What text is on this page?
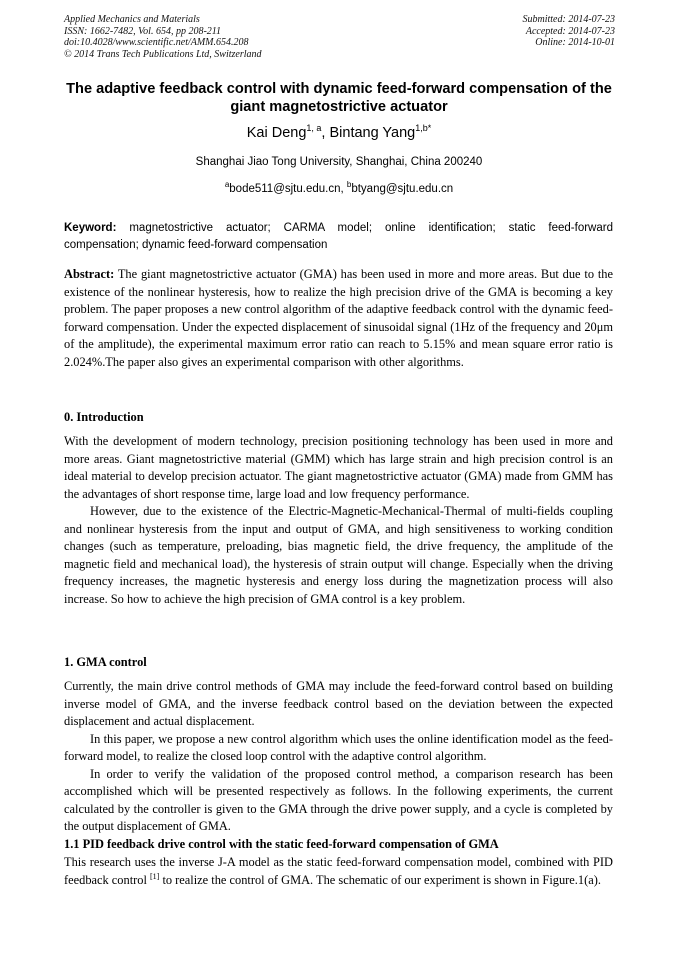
Applied Mechanics and Materials
ISSN: 1662-7482, Vol. 654, pp 208-211
doi:10.4028/www.scientific.net/AMM.654.208
© 2014 Trans Tech Publications Ltd, Switzerland
Submitted: 2014-07-23
Accepted: 2014-07-23
Online: 2014-10-01
The adaptive feedback control with dynamic feed-forward compensation of the giant magnetostrictive actuator
Kai Deng$^{1, a}$, Bintang Yang$^{1,b*}$
Shanghai Jiao Tong University, Shanghai, China 200240
$^a$bode511@sjtu.edu.cn, $^b$btyang@sjtu.edu.cn
Keyword: magnetostrictive actuator; CARMA model; online identification; static feed-forward compensation; dynamic feed-forward compensation

Abstract: The giant magnetostrictive actuator (GMA) has been used in more and more areas. But due to the existence of the nonlinear hysteresis, how to realize the high precision drive of the GMA is becoming a key problem. The paper proposes a new control algorithm of the adaptive feedback control with the dynamic feed-forward compensation. Under the expected displacement of sinusoidal signal (1Hz of the frequency and 20μm of the amplitude), the experimental maximum error ratio can reach to 5.15% and mean square error ratio is 2.024%.The paper also gives an experimental comparison with other algorithms.

0. Introduction

With the development of modern technology, precision positioning technology has been used in more and more areas. Giant magnetostrictive material (GMM) which has large strain and high precision control is an ideal material to develop precision actuator. The giant magnetostrictive actuator (GMA) made from GMM has the advantages of short response time, large load and low frequency performance.

However, due to the existence of the Electric-Magnetic-Mechanical-Thermal of multi-fields coupling and nonlinear hysteresis from the input and output of GMA, and high sensitiveness to working condition changes (such as temperature, preloading, bias magnetic field, the drive frequency, the amplitude of the magnetic field and mechanical load), the hysteresis of strain output will change. Especially when the driving frequency increases, the magnetic hysteresis and energy loss during the magnetization process will also increase. So how to achieve the high precision of GMA control is a key problem.

1. GMA control

Currently, the main drive control methods of GMA may include the feed-forward control based on building inverse model of GMA, and the inverse feedback control based on the deviation between the expected displacement and actual displacement.

In this paper, we propose a new control algorithm which uses the online identification model as the feed-forward model, to realize the closed loop control with the adaptive control algorithm.

In order to verify the validation of the proposed control method, a comparison research has been accomplished which will be presented respectively as follows. In the following experiments, the current calculated by the controller is given to the GMA through the drive power supply, and a cycle is completed by the output displacement of GMA.

1.1 PID feedback drive control with the static feed-forward compensation of GMA

This research uses the inverse J-A model as the static feed-forward compensation model, combined with PID feedback control [1] to realize the control of GMA. The schematic of our experiment is shown in Figure.1(a).
